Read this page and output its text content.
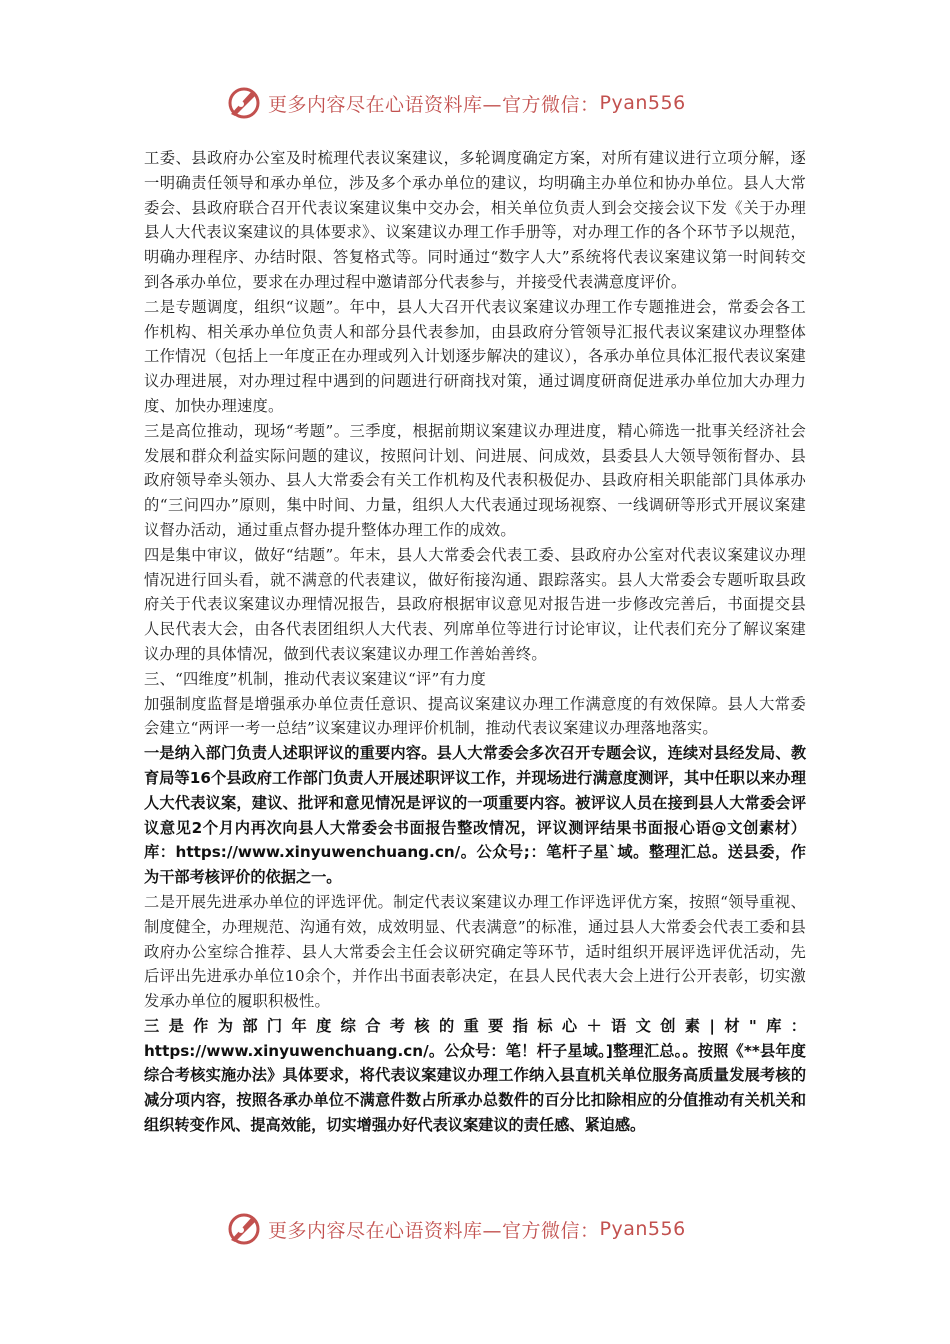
更多内容尽在心语资料库—官方微信： Pyan556

工委、县政府办公室及时梳理代表议案建议，多轮调度确定方案，对所有建议进行立项分解，逐一明确责任领导和承办单位，涉及多个承办单位的建议，均明确主办单位和协办单位。县人大常委会、县政府联合召开代表议案建议集中交办会，相关单位负责人到会交接会议下发《关于办理县人大代表议案建议的具体要求》、议案建议办理工作手册等，对办理工作的各个环节予以规范，明确办理程序、办结时限、答复格式等。同时通过“数字人大”系统将代表议案建议第一时间转交到各承办单位，要求在办理过程中邀请部分代表参与，并接受代表满意度评价。

二是专题调度，组织“议题”。年中，县人大召开代表议案建议办理工作专题推进会，常委会各工作机构、相关承办单位负责人和部分县代表参加，由县政府分管领导汇报代表议案建议办理整体工作情况（包括上一年度正在办理或列入计划逐步解决的建议），各承办单位具体汇报代表议案建议办理进展，对办理过程中遇到的问题进行研商找对策，通过调度研商促进承办单位加大办理力度、加快办理速度。

三是高位推动，现场“考题”。三季度，根据前期议案建议办理进度，精心筛选一批事关经济社会发展和群众利益实际问题的建议，按照问计划、问进展、问成效，县委县人大领导领衔督办、县政府领导牵头领办、县人大常委会有关工作机构及代表积极促办、县政府相关职能部门具体承办的“三问四办”原则，集中时间、力量，组织人大代表通过现场视察、一线调研等形式开展议案建议督办活动，通过重点督办提升整体办理工作的成效。

四是集中审议，做好“结题”。年末，县人大常委会代表工委、县政府办公室对代表议案建议办理情况进行回头看，就不满意的代表建议，做好衔接沟通、跟踪落实。县人大常委会专题听取县政府关于代表议案建议办理情况报告，县政府根据审议意见对报告进一步修改完善后，书面提交县人民代表大会，由各代表团组织人大代表、列席单位等进行讨论审议，让代表们充分了解议案建议办理的具体情况，做到代表议案建议办理工作善始善终。

三、“四维度”机制，推动代表议案建议“评”有力度

加强制度监督是增强承办单位责任意识、提高议案建议办理工作满意度的有效保障。县人大常委会建立“两评一考一总结”议案建议办理评价机制，推动代表议案建议办理落地落实。

一是纳入部门负责人述职评议的重要内容。县人大常委会多次召开专题会议，连续对县经发局、教育局等16个县政府工作部门负责人开展述职评议工作，并现场进行满意度测评，其中任职以来办理人大代表议案，建议、批评和意见情况是评议的一项重要内容。被评议人员在接到县人大常委会评议意见2个月内再次向县人大常委会书面报告整改情况，评议测评结果书面报心语@文创素材）库：https://www.xinyuwenchuang.cn/。公众号;：笔杆子星`域。整理汇总。送县委，作为干部考核评价的依据之一。

二是开展先进承办单位的评选评优。制定代表议案建议办理工作评选评优方案，按照“领导重视、制度健全，办理规范、沟通有效，成效明显、代表满意”的标准，通过县人大常委会代表工委和县政府办公室综合推荐、县人大常委会主任会议研究确定等环节，适时组织开展评选评优活动，先后评出先进承办单位10余个，并作出书面表彰决定，在县人民代表大会上进行公开表彰，切实激发承办单位的履职积极性。

三是作为部门年度综合考核的重要指标心＋语文创素|材"库：https://www.xinyuwenchuang.cn/。公众号：笔！杆子星域。]整理汇总。。按照《**县年度综合考核实施办法》具体要求，将代表议案建议办理工作纳入县直机关单位服务高质量发展考核的减分项内容，按照各承办单位不满意件数占所承办总数件的百分比扣除相应的分值推动有关机关和组织转变作风、提高效能，切实增强办好代表议案建议的责任感、紧迫感。

更多内容尽在心语资料库—官方微信： Pyan556
